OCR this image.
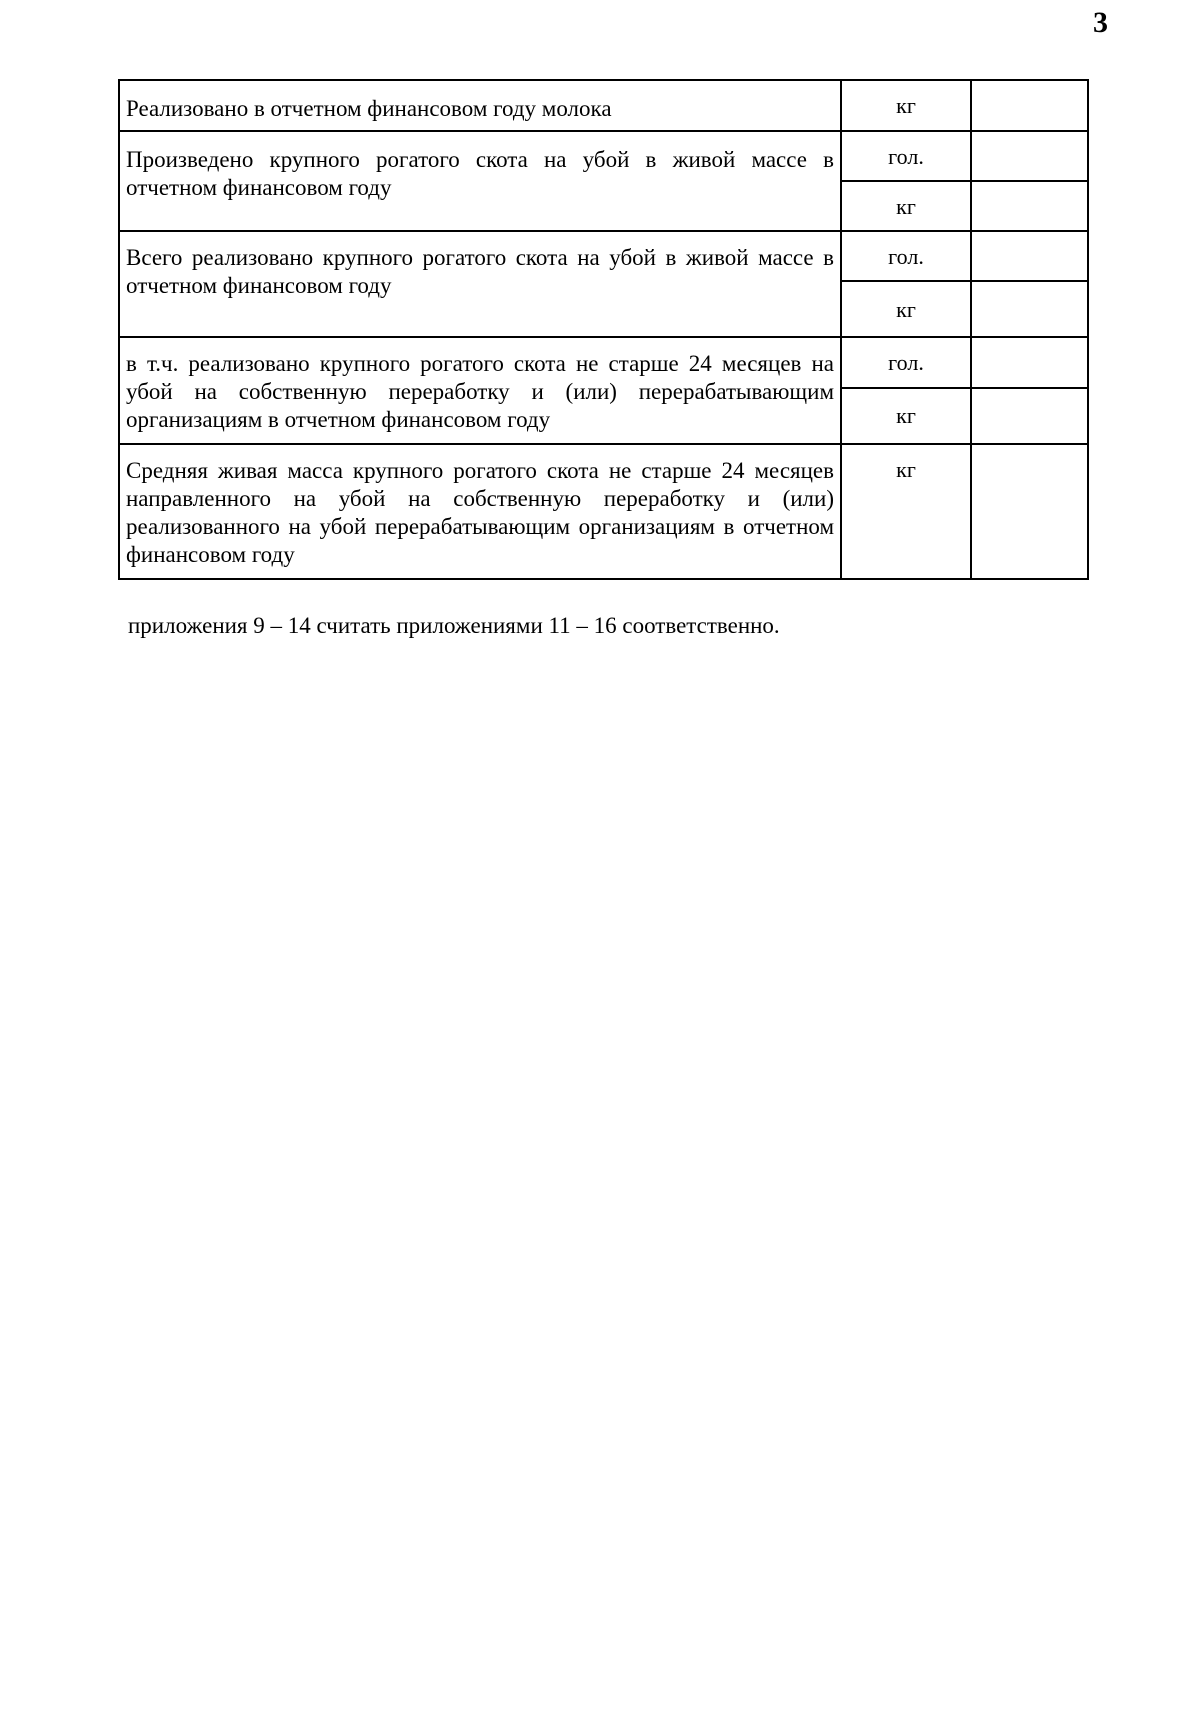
3
Реализовано в отчетном финансовом году молока	кг	

Произведено крупного рогатого скота на убой в живой массе в отчетном финансовом году	гол.	

	кг	

Всего реализовано крупного рогатого скота на убой в живой массе в отчетном финансовом году	гол.	

	кг	

в т.ч. реализовано крупного рогатого скота не старше 24 месяцев на убой на собственную переработку и (или) перерабатывающим организациям в отчетном финансовом году	гол.	

	кг	

Средняя живая масса крупного рогатого скота не старше 24 месяцев направленного на убой на собственную переработку и (или) реализованного на убой перерабатывающим организациям в отчетном финансовом году	кг	

приложения 9 – 14 считать приложениями 11 – 16 соответственно.
